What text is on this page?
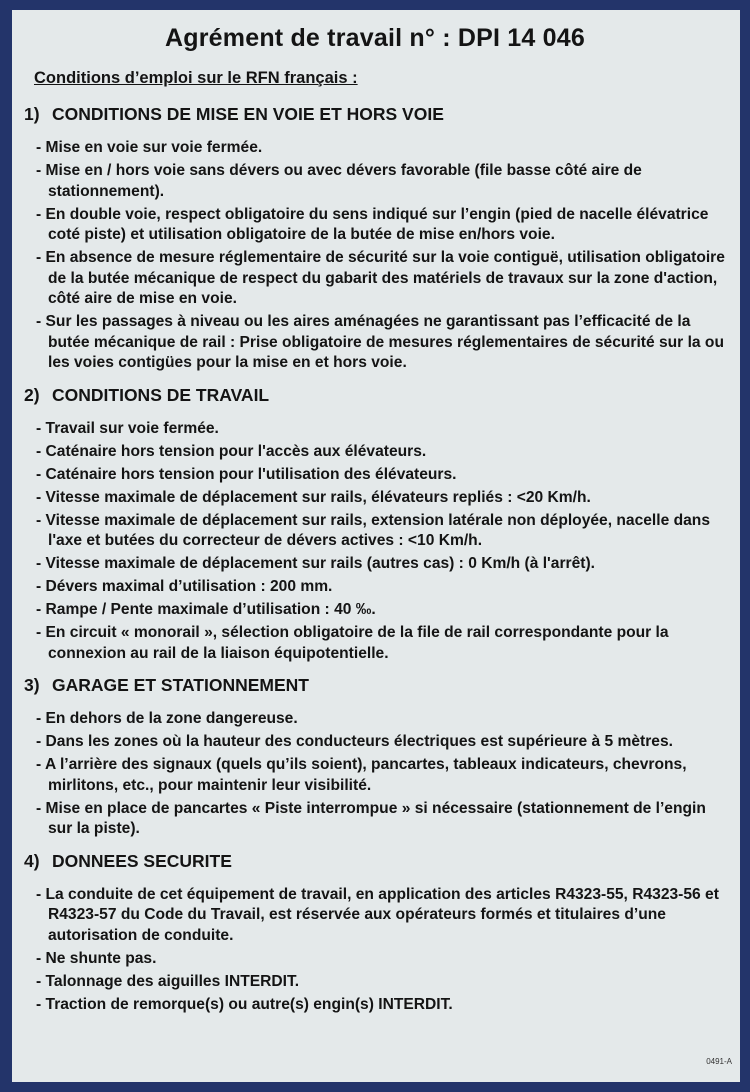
Agrément de travail n° : DPI 14 046
Conditions d’emploi sur le RFN français :
1) CONDITIONS DE MISE EN VOIE ET HORS VOIE
- Mise en voie sur voie fermée.
- Mise en / hors voie sans dévers ou avec dévers favorable (file basse côté aire de stationnement).
- En double voie, respect obligatoire du sens indiqué sur l’engin (pied de nacelle élévatrice coté piste) et utilisation obligatoire de la butée de mise en/hors voie.
- En absence de mesure réglementaire de sécurité sur la voie contiguë, utilisation obligatoire de la butée mécanique de respect du gabarit des matériels de travaux sur la zone d'action, côté aire de mise en voie.
- Sur les passages à niveau ou les aires aménagées ne garantissant pas l’efficacité de la butée mécanique de rail : Prise obligatoire de mesures réglementaires de sécurité sur la ou les voies contigües pour la mise en et hors voie.
2) CONDITIONS DE TRAVAIL
- Travail sur voie fermée.
- Caténaire hors tension pour l'accès aux élévateurs.
- Caténaire hors tension pour l'utilisation des élévateurs.
- Vitesse maximale de déplacement sur rails, élévateurs repliés : <20 Km/h.
- Vitesse maximale de déplacement sur rails, extension latérale non déployée, nacelle dans l'axe et butées du correcteur de dévers actives : <10 Km/h.
- Vitesse maximale de déplacement sur rails (autres cas) : 0 Km/h (à l'arrêt).
- Dévers maximal d’utilisation : 200 mm.
- Rampe / Pente maximale d’utilisation : 40 ‰.
- En circuit « monorail », sélection obligatoire de la file de rail correspondante pour la connexion au rail de la liaison équipotentielle.
3) GARAGE ET STATIONNEMENT
- En dehors de la zone dangereuse.
- Dans les zones où la hauteur des conducteurs électriques est supérieure à 5 mètres.
- A l’arrière des signaux (quels qu’ils soient), pancartes, tableaux indicateurs, chevrons, mirlitons, etc., pour maintenir leur visibilité.
- Mise en place de pancartes « Piste interrompue » si nécessaire (stationnement de l’engin sur la piste).
4) DONNEES SECURITE
- La conduite de cet équipement de travail, en application des articles R4323-55, R4323-56 et R4323-57 du Code du Travail, est réservée aux opérateurs formés et titulaires d’une autorisation de conduite.
- Ne shunte pas.
- Talonnage des aiguilles INTERDIT.
- Traction de remorque(s) ou autre(s) engin(s) INTERDIT.
0491-A
